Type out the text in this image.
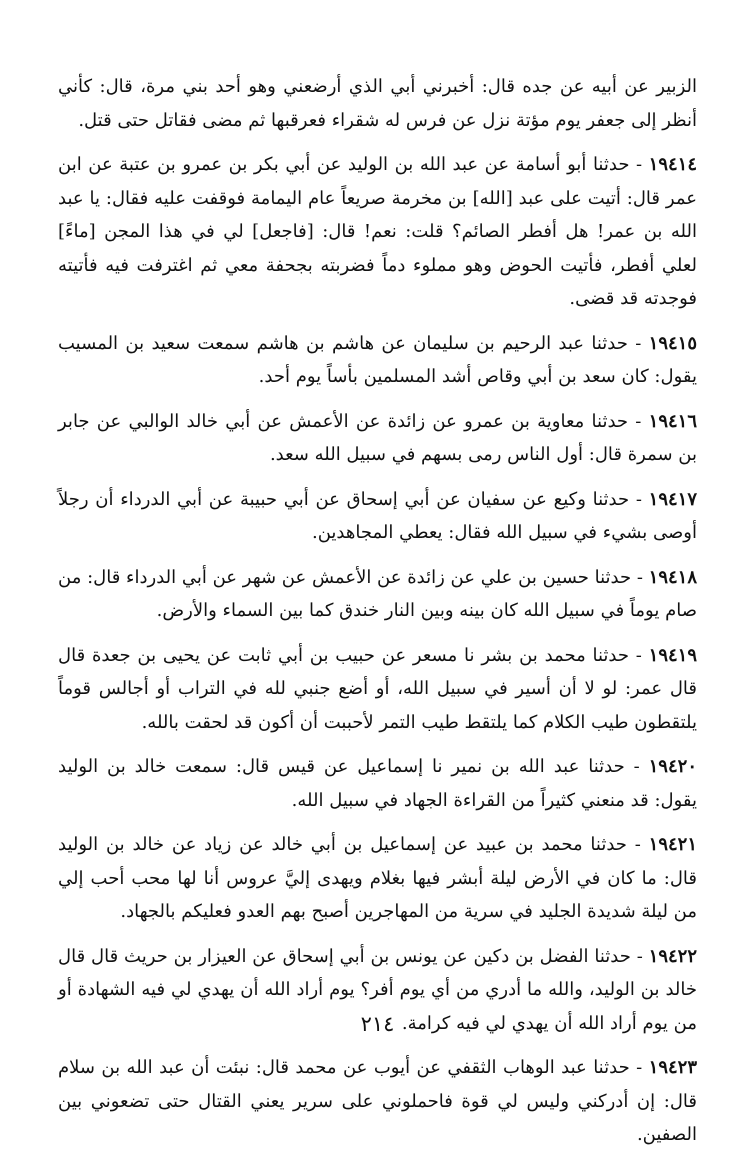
الزبير عن أبيه عن جده قال: أخبرني أبي الذي أرضعني وهو أحد بني مرة، قال: كأني أنظر إلى جعفر يوم مؤتة نزل عن فرس له شقراء فعرقبها ثم مضى فقاتل حتى قتل.

١٩٤١٤ - حدثنا أبو أسامة عن عبد الله بن الوليد عن أبي بكر بن عمرو بن عتبة عن ابن عمر قال: أتيت على عبد [الله] بن مخرمة صريعاً عام اليمامة فوقفت عليه فقال: يا عبد الله بن عمر! هل أفطر الصائم؟ قلت: نعم! قال: [فاجعل] لي في هذا المجن [ماءً] لعلي أفطر، فأتيت الحوض وهو مملوء دماً فضربته بجحفة معي ثم اغترفت فيه فأتيته فوجدته قد قضى.

١٩٤١٥ - حدثنا عبد الرحيم بن سليمان عن هاشم بن هاشم سمعت سعيد بن المسيب يقول: كان سعد بن أبي وقاص أشد المسلمين بأساً يوم أحد.

١٩٤١٦ - حدثنا معاوية بن عمرو عن زائدة عن الأعمش عن أبي خالد الوالبي عن جابر بن سمرة قال: أول الناس رمى بسهم في سبيل الله سعد.

١٩٤١٧ - حدثنا وكيع عن سفيان عن أبي إسحاق عن أبي حبيبة عن أبي الدرداء أن رجلاً أوصى بشيء في سبيل الله فقال: يعطي المجاهدين.

١٩٤١٨ - حدثنا حسين بن علي عن زائدة عن الأعمش عن شهر عن أبي الدرداء قال: من صام يوماً في سبيل الله كان بينه وبين النار خندق كما بين السماء والأرض.

١٩٤١٩ - حدثنا محمد بن بشر نا مسعر عن حبيب بن أبي ثابت عن يحيى بن جعدة قال قال عمر: لو لا أن أسير في سبيل الله، أو أضع جنبي لله في التراب أو أجالس قوماً يلتقطون طيب الكلام كما يلتقط طيب التمر لأحببت أن أكون قد لحقت بالله.

١٩٤٢٠ - حدثنا عبد الله بن نمير نا إسماعيل عن قيس قال: سمعت خالد بن الوليد يقول: قد منعني كثيراً من القراءة الجهاد في سبيل الله.

١٩٤٢١ - حدثنا محمد بن عبيد عن إسماعيل بن أبي خالد عن زياد عن خالد بن الوليد قال: ما كان في الأرض ليلة أبشر فيها بغلام ويهدى إليَّ عروس أنا لها محب أحب إلي من ليلة شديدة الجليد في سرية من المهاجرين أصبح بهم العدو فعليكم بالجهاد.

١٩٤٢٢ - حدثنا الفضل بن دكين عن يونس بن أبي إسحاق عن العيزار بن حريث قال قال خالد بن الوليد، والله ما أدري من أي يوم أفر؟ يوم أراد الله أن يهدي لي فيه الشهادة أو من يوم أراد الله أن يهدي لي فيه كرامة.

١٩٤٢٣ - حدثنا عبد الوهاب الثقفي عن أيوب عن محمد قال: نبئت أن عبد الله بن سلام قال: إن أدركني وليس لي قوة فاحملوني على سرير يعني القتال حتى تضعوني بين الصفين.

٢١٤
